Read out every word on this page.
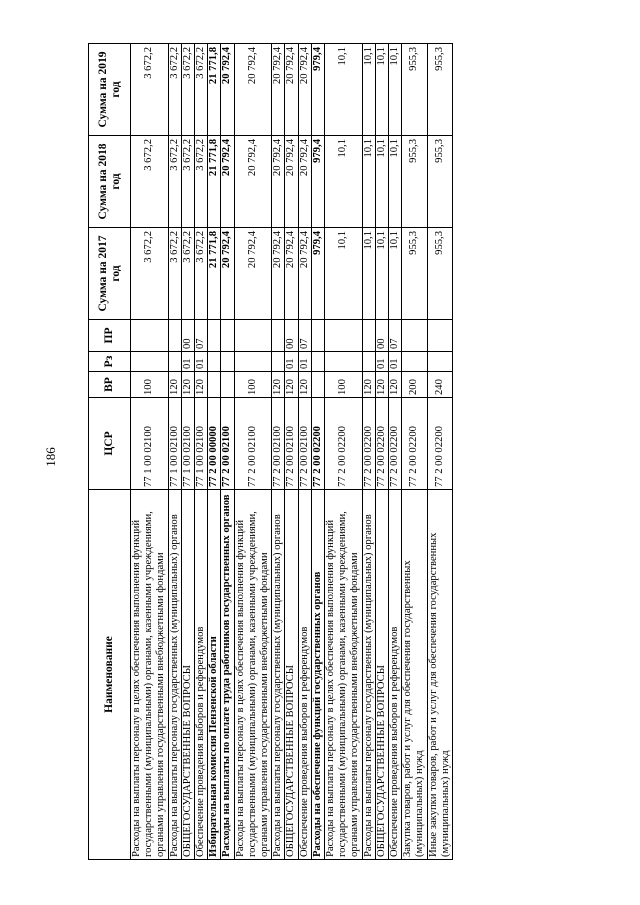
186
Наименование	ЦСР	ВР	Рз	ПР	Сумма на 2017 год	Сумма на 2018 год	Сумма на 2019 год
Расходы на выплаты персоналу в целях обеспечения выполнения функций государственными (муниципальными) органами, казенными учреждениями, органами управления государственными внебюджетными фондами	77 1 00 02100	100			3 672,2	3 672,2	3 672,2
Расходы на выплаты персоналу государственных (муниципальных) органов	77 1 00 02100	120			3 672,2	3 672,2	3 672,2
ОБЩЕГОСУДАРСТВЕННЫЕ ВОПРОСЫ	77 1 00 02100	120	01	00	3 672,2	3 672,2	3 672,2
Обеспечение проведения выборов и референдумов	77 1 00 02100	120	01	07	3 672,2	3 672,2	3 672,2
Избирательная комиссия Пензенской области	77 2 00 00000				21 771,8	21 771,8	21 771,8
Расходы на выплаты по оплате труда работников государственных органов	77 2 00 02100				20 792,4	20 792,4	20 792,4
Расходы на выплаты персоналу в целях обеспечения выполнения функций государственными (муниципальными) органами, казенными учреждениями, органами управления государственными внебюджетными фондами	77 2 00 02100	100			20 792,4	20 792,4	20 792,4
Расходы на выплаты персоналу государственных (муниципальных) органов	77 2 00 02100	120			20 792,4	20 792,4	20 792,4
ОБЩЕГОСУДАРСТВЕННЫЕ ВОПРОСЫ	77 2 00 02100	120	01	00	20 792,4	20 792,4	20 792,4
Обеспечение проведения выборов и референдумов	77 2 00 02100	120	01	07	20 792,4	20 792,4	20 792,4
Расходы на обеспечение функций государственных органов	77 2 00 02200				979,4	979,4	979,4
Расходы на выплаты персоналу в целях обеспечения выполнения функций государственными (муниципальными) органами, казенными учреждениями, органами управления государственными внебюджетными фондами	77 2 00 02200	100			10,1	10,1	10,1
Расходы на выплаты персоналу государственных (муниципальных) органов	77 2 00 02200	120			10,1	10,1	10,1
ОБЩЕГОСУДАРСТВЕННЫЕ ВОПРОСЫ	77 2 00 02200	120	01	00	10,1	10,1	10,1
Обеспечение проведения выборов и референдумов	77 2 00 02200	120	01	07	10,1	10,1	10,1
Закупка товаров, работ и услуг для обеспечения государственных (муниципальных) нужд	77 2 00 02200	200			955,3	955,3	955,3
Иные закупки товаров, работ и услуг для обеспечения государственных (муниципальных) нужд	77 2 00 02200	240			955,3	955,3	955,3
